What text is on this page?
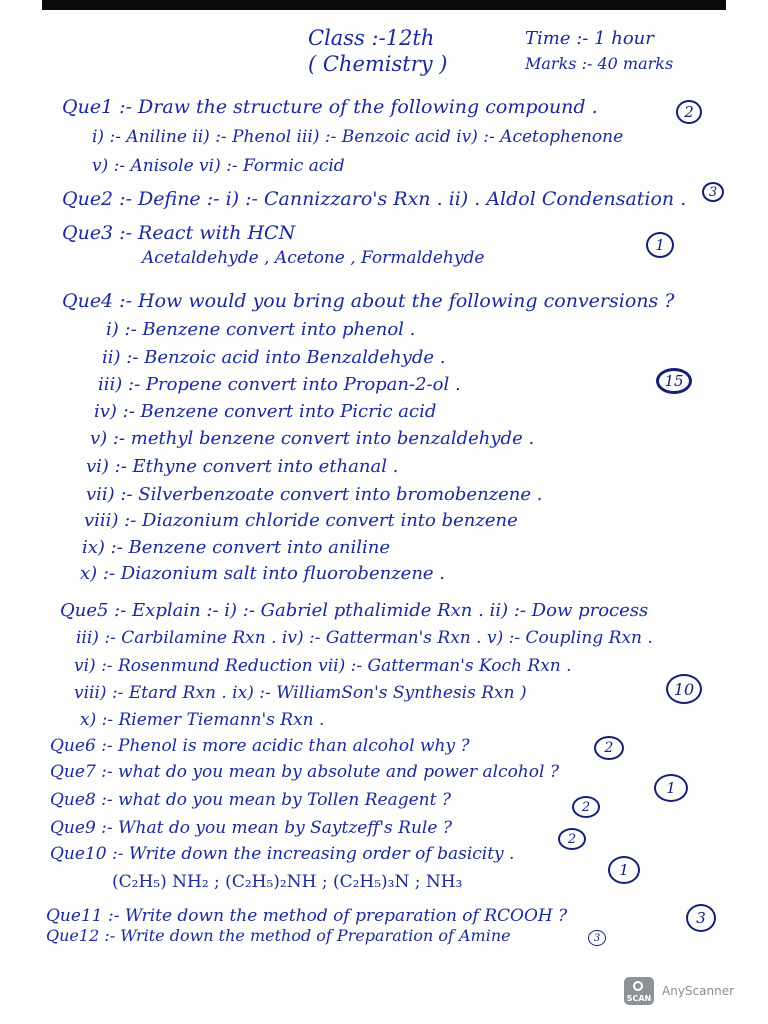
Class :-12th
( Chemistry )
Time :- 1 hour
Marks :- 40 marks
Que1 :- Draw the structure of the following compound .	2
i) :- Aniline ii) :- Phenol iii) :- Benzoic acid iv) :- Acetophenone
v) :- Anisole vi) :- Formic acid
Que2 :- Define :- i) :- Cannizzaro's Rxn . ii) . Aldol Condensation .	3
Que3 :- React with HCN
Acetaldehyde , Acetone , Formaldehyde
1
Que4 :- How would you bring about the following conversions ?
i) :- Benzene convert into phenol .
ii) :- Benzoic acid into Benzaldehyde .
iii) :- Propene convert into Propan-2-ol .	15
iv) :- Benzene convert into Picric acid
v) :- methyl benzene convert into benzaldehyde .
vi) :- Ethyne convert into ethanal .
vii) :- Silverbenzoate convert into bromobenzene .
viii) :- Diazonium chloride convert into benzene
ix) :- Benzene convert into aniline
x) :- Diazonium salt into fluorobenzene .
Que5 :- Explain :- i) :- Gabriel pthalimide Rxn . ii) :- Dow process
iii) :- Carbilamine Rxn . iv) :- Gatterman's Rxn . v) :- Coupling Rxn .
vi) :- Rosenmund Reduction vii) :- Gatterman's Koch Rxn .
viii) :- Etard Rxn . ix) :- WilliamSon's Synthesis Rxn )	10
x) :- Riemer Tiemann's Rxn .
Que6 :- Phenol is more acidic than alcohol why ?	2
Que7 :- what do you mean by absolute and power alcohol ?
1
Que8 :- what do you mean by Tollen Reagent ?	2
Que9 :- What do you mean by Saytzeff's Rule ?
2
Que10 :- Write down the increasing order of basicity .
(C₂H₅) NH₂ ; (C₂H₅)₂NH ; (C₂H₅)₃N ; NH₃
1
Que11 :- Write down the method of preparation of RCOOH ?	3
Que12 :- Write down the method of Preparation of Amine	3
SCAN
AnyScanner
